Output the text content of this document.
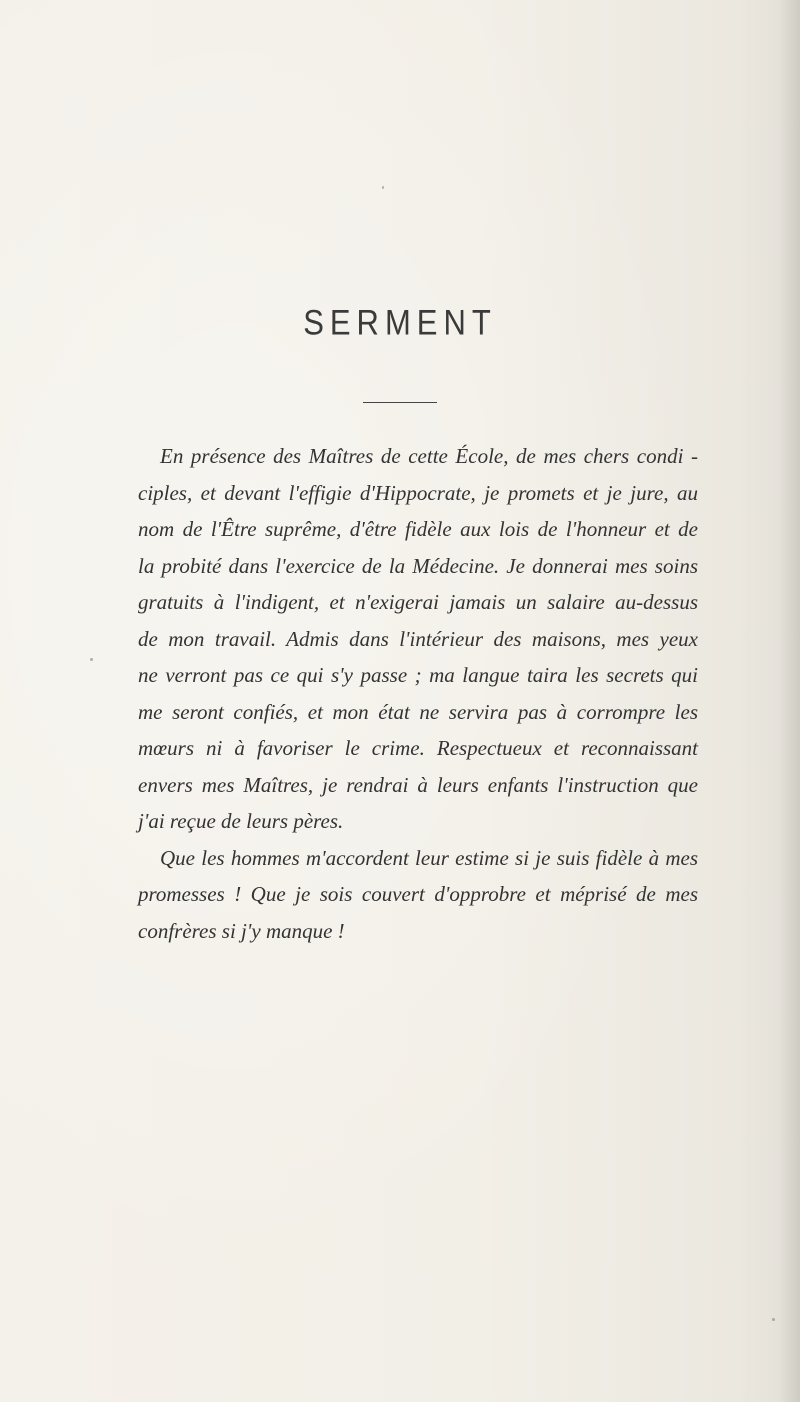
SERMENT

En présence des Maîtres de cette École, de mes chers condi -
ciples, et devant l'effigie d'Hippocrate, je promets et je jure, au
nom de l'Être suprême, d'être fidèle aux lois de l'honneur et de
la probité dans l'exercice de la Médecine. Je donnerai mes soins
gratuits à l'indigent, et n'exigerai jamais un salaire au-dessus
de mon travail. Admis dans l'intérieur des maisons, mes yeux
ne verront pas ce qui s'y passe ; ma langue taira les secrets qui
me seront confiés, et mon état ne servira pas à corrompre les
mœurs ni à favoriser le crime. Respectueux et reconnaissant
envers mes Maîtres, je rendrai à leurs enfants l'instruction que
j'ai reçue de leurs pères.

Que les hommes m'accordent leur estime si je suis fidèle à mes
promesses ! Que je sois couvert d'opprobre et méprisé de mes
confrères si j'y manque !
